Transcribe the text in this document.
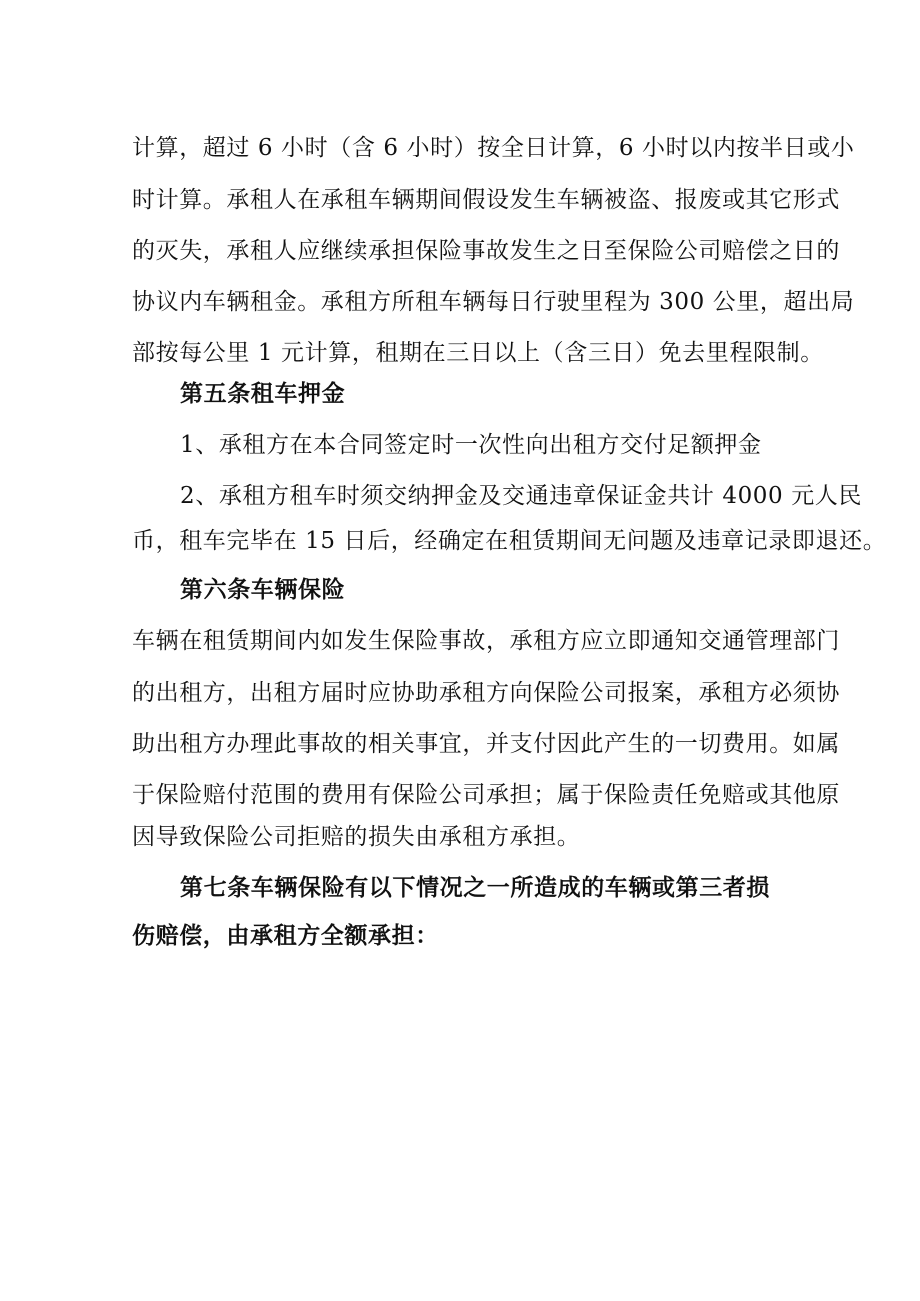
计算，超过 6 小时（含 6 小时）按全日计算，6 小时以内按半日或小
时计算。承租人在承租车辆期间假设发生车辆被盗、报废或其它形式
的灭失，承租人应继续承担保险事故发生之日至保险公司赔偿之日的
协议内车辆租金。承租方所租车辆每日行驶里程为 300 公里，超出局
部按每公里 1 元计算，租期在三日以上（含三日）免去里程限制。
第五条租车押金
1、承租方在本合同签定时一次性向出租方交付足额押金
2、承租方租车时须交纳押金及交通违章保证金共计 4000 元人民
币，租车完毕在 15 日后，经确定在租赁期间无问题及违章记录即退还。
第六条车辆保险
车辆在租赁期间内如发生保险事故，承租方应立即通知交通管理部门
的出租方，出租方届时应协助承租方向保险公司报案，承租方必须协
助出租方办理此事故的相关事宜，并支付因此产生的一切费用。如属
于保险赔付范围的费用有保险公司承担；属于保险责任免赔或其他原
因导致保险公司拒赔的损失由承租方承担。
第七条车辆保险有以下情况之一所造成的车辆或第三者损
伤赔偿，由承租方全额承担：
